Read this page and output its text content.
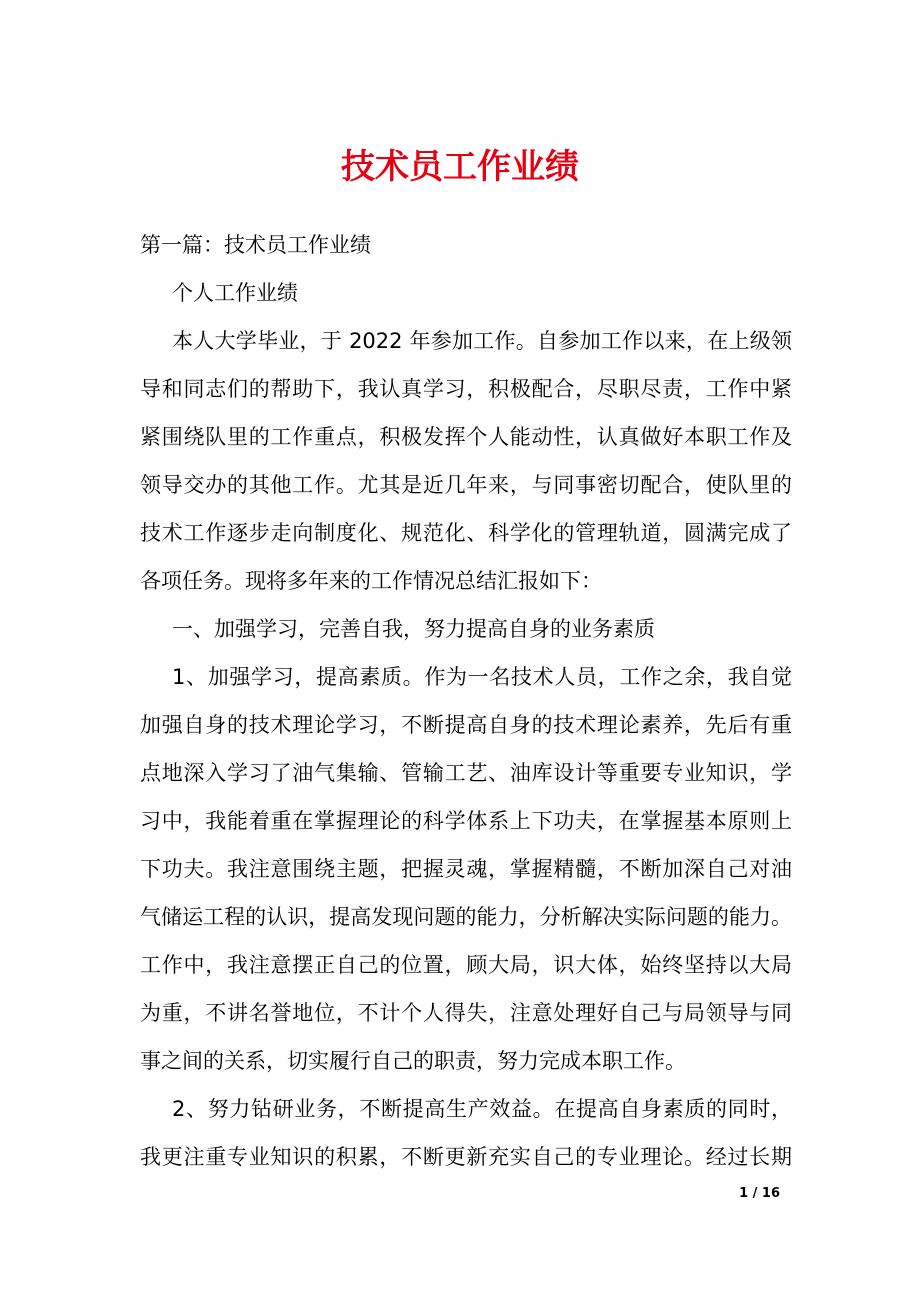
技术员工作业绩
第一篇：技术员工作业绩
个人工作业绩
本人大学毕业，于 2022 年参加工作。自参加工作以来，在上级领
导和同志们的帮助下，我认真学习，积极配合，尽职尽责，工作中紧
紧围绕队里的工作重点，积极发挥个人能动性，认真做好本职工作及
领导交办的其他工作。尤其是近几年来，与同事密切配合，使队里的
技术工作逐步走向制度化、规范化、科学化的管理轨道，圆满完成了
各项任务。现将多年来的工作情况总结汇报如下：
一、加强学习，完善自我，努力提高自身的业务素质
1、加强学习，提高素质。作为一名技术人员，工作之余，我自觉
加强自身的技术理论学习，不断提高自身的技术理论素养，先后有重
点地深入学习了油气集输、管输工艺、油库设计等重要专业知识，学
习中，我能着重在掌握理论的科学体系上下功夫，在掌握基本原则上
下功夫。我注意围绕主题，把握灵魂，掌握精髓，不断加深自己对油
气储运工程的认识，提高发现问题的能力，分析解决实际问题的能力。
工作中，我注意摆正自己的位置，顾大局，识大体，始终坚持以大局
为重，不讲名誉地位，不计个人得失，注意处理好自己与局领导与同
事之间的关系，切实履行自己的职责，努力完成本职工作。
2、努力钻研业务，不断提高生产效益。在提高自身素质的同时，
我更注重专业知识的积累，不断更新充实自己的专业理论。经过长期
1 / 16
